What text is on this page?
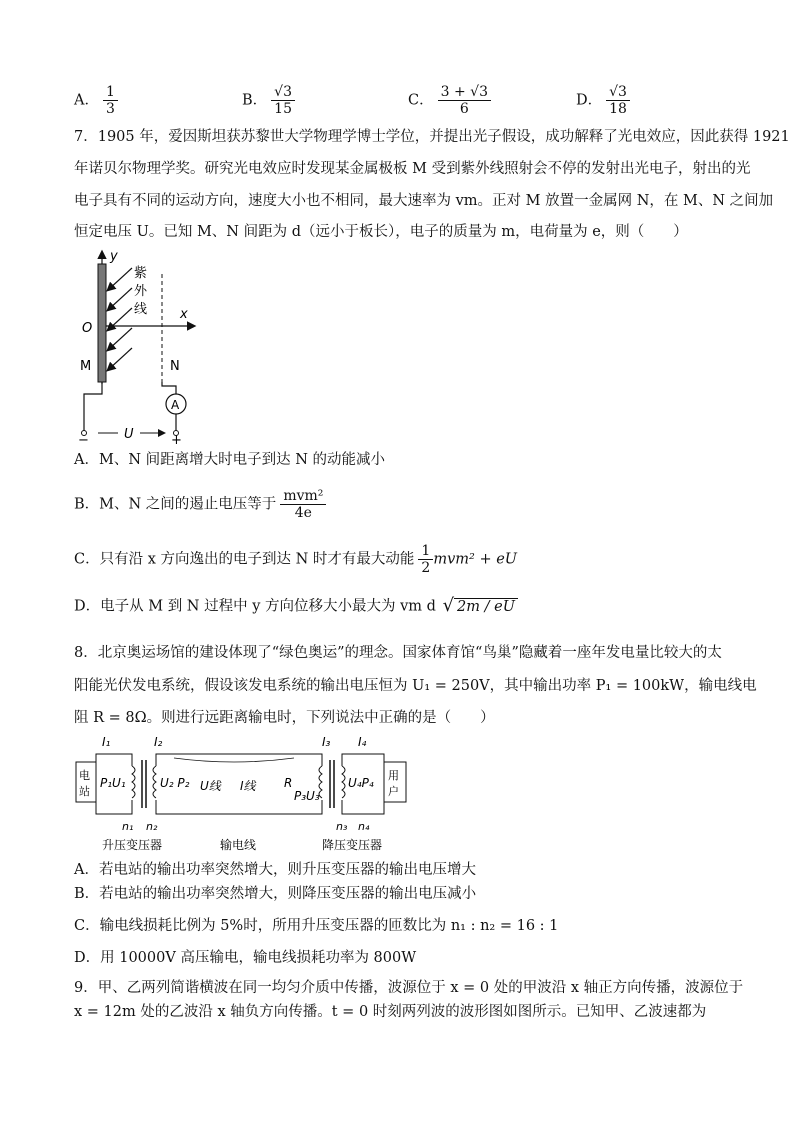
A． $\frac{1}{3}$	B． $\frac{√3}{15}$	C． $\frac{3 + √3}{6}$	D． $\frac{√3}{18}$
7．1905 年，爱因斯坦获苏黎世大学物理学博士学位，并提出光子假设，成功解释了光电效应，因此获得 1921
年诺贝尔物理学奖。研究光电效应时发现某金属极板 M 受到紫外线照射会不停的发射出光电子，射出的光
电子具有不同的运动方向，速度大小也不相同，最大速率为 vm。正对 M 放置一金属网 N，在 M、N 之间加
恒定电压 U。已知 M、N 间距为 d（远小于板长），电子的质量为 m，电荷量为 e，则（　　）
y
x
O
紫
外
线
M	N
A
−	+
U
A．M、N 间距离增大时电子到达 N 的动能减小
B．M、N 之间的遏止电压等于 $\frac{\text{mvm²}}{4e}$
C．只有沿 x 方向逸出的电子到达 N 时才有最大动能 $\frac{1}{2} mvm^2$ + eU
D．电子从 M 到 N 过程中 y 方向位移大小最大为 vm d √ 2m / eU
8．北京奥运场馆的建设体现了“绿色奥运”的理念。国家体育馆“鸟巢”隐藏着一座年发电量比较大的太
阳能光伏发电系统，假设该发电系统的输出电压恒为 U₁ = 250V，其中输出功率 P₁ = 100kW，输电线电
阻 R = 8Ω。则进行远距离输电时，下列说法中正确的是（　　）
I₁	I₂	I₃ I₄
电
站
P₁U₁	U₂ P₂ U线 I线 R
P₃U₃
U₄P₄
用
户
n₁ n₂	n₃ n₄
升压变压器	输电线	降压变压器
A．若电站的输出功率突然增大，则升压变压器的输出电压增大
B．若电站的输出功率突然增大，则降压变压器的输出电压减小
C．输电线损耗比例为 5%时，所用升压变压器的匝数比为 n₁ : n₂ = 16 : 1
D．用 10000V 高压输电，输电线损耗功率为 800W
9．甲、乙两列简谐横波在同一均匀介质中传播，波源位于 x = 0 处的甲波沿 x 轴正方向传播，波源位于
x = 12m 处的乙波沿 x 轴负方向传播。t = 0 时刻两列波的波形图如图所示。已知甲、乙波速都为
